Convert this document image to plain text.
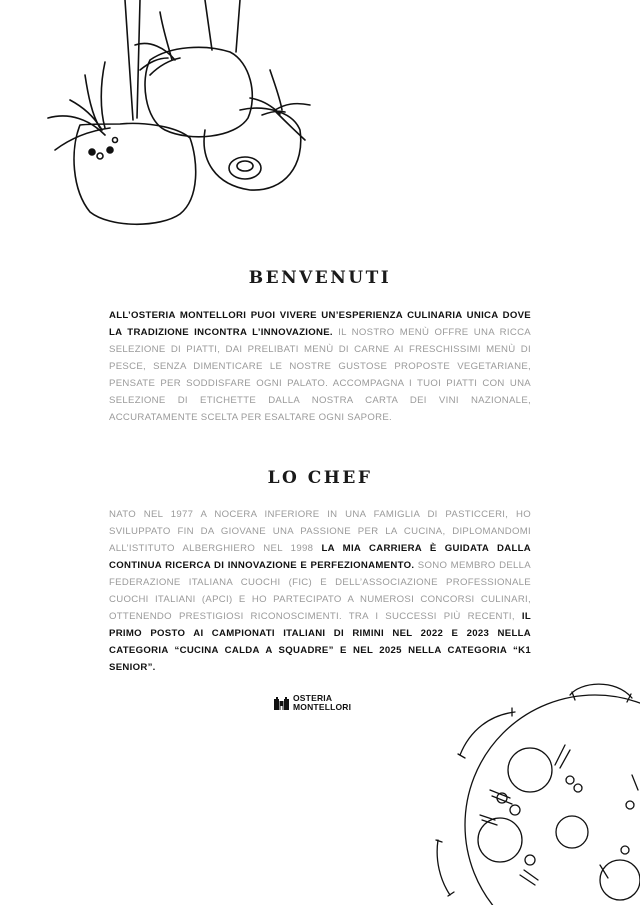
BENVENUTI

ALL’OSTERIA MONTELLORI PUOI VIVERE UN’ESPERIENZA CULINARIA UNICA DOVE LA TRADIZIONE INCONTRA L’INNOVAZIONE. IL NOSTRO MENÙ OFFRE UNA RICCA SELEZIONE DI PIATTI, DAI PRELIBATI MENÙ DI CARNE AI FRESCHISSIMI MENÙ DI PESCE, SENZA DIMENTICARE LE NOSTRE GUSTOSE PROPOSTE VEGETARIANE, PENSATE PER SODDISFARE OGNI PALATO. ACCOMPAGNA I TUOI PIATTI CON UNA SELEZIONE DI ETICHETTE DALLA NOSTRA CARTA DEI VINI NAZIONALE, ACCURATAMENTE SCELTA PER ESALTARE OGNI SAPORE.

LO CHEF

NATO NEL 1977 A NOCERA INFERIORE IN UNA FAMIGLIA DI PASTICCERI, HO SVILUPPATO FIN DA GIOVANE UNA PASSIONE PER LA CUCINA, DIPLOMANDOMI ALL’ISTITUTO ALBERGHIERO NEL 1998 LA MIA CARRIERA È GUIDATA DALLA CONTINUA RICERCA DI INNOVAZIONE E PERFEZIONAMENTO. SONO MEMBRO DELLA FEDERAZIONE ITALIANA CUOCHI (FIC) E DELL’ASSOCIAZIONE PROFESSIONALE CUOCHI ITALIANI (APCI) E HO PARTECIPATO A NUMEROSI CONCORSI CULINARI, OTTENENDO PRESTIGIOSI RICONOSCIMENTI. TRA I SUCCESSI PIÙ RECENTI, IL PRIMO POSTO AI CAMPIONATI ITALIANI DI RIMINI NEL 2022 E 2023 NELLA CATEGORIA “CUCINA CALDA A SQUADRE” E NEL 2025 NELLA CATEGORIA “K1 SENIOR”.

OSTERIA
MONTELLORI
